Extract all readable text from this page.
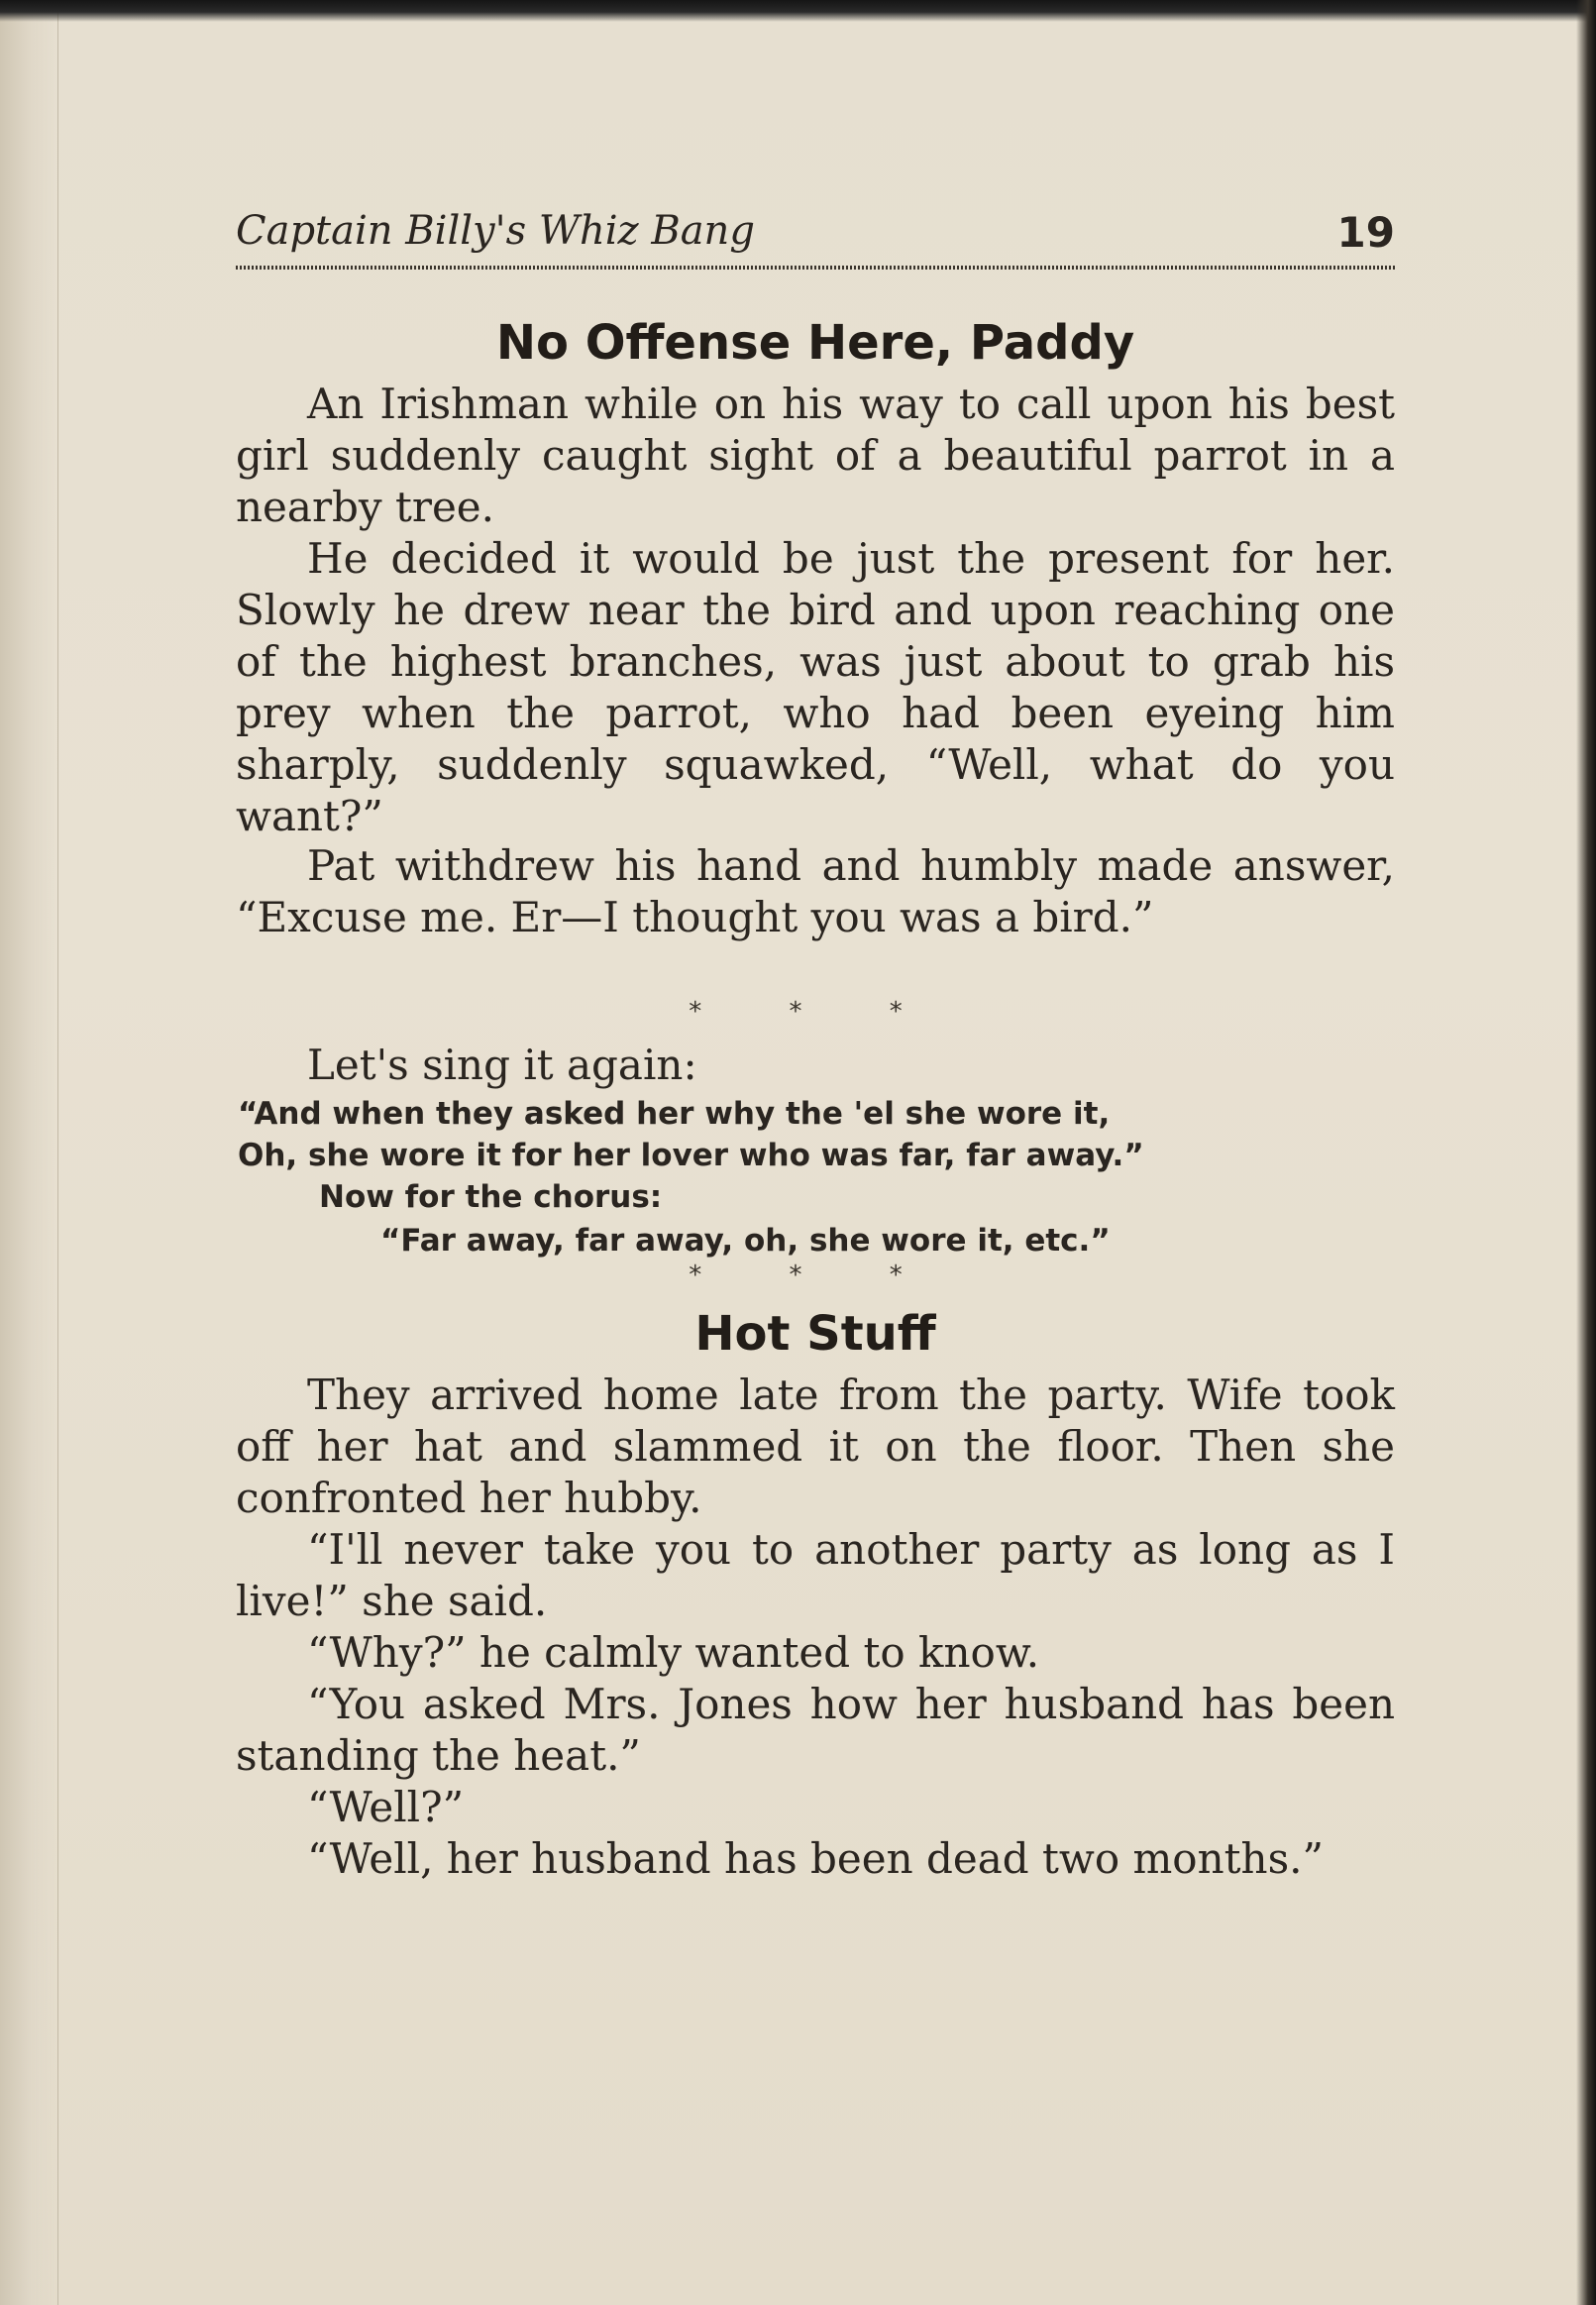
Captain Billy's Whiz Bang	19
No Offense Here, Paddy

An Irishman while on his way to call upon his best girl suddenly caught sight of a beautiful parrot in a nearby tree.

He decided it would be just the present for her. Slowly he drew near the bird and upon reaching one of the highest branches, was just about to grab his prey when the parrot, who had been eyeing him sharply, suddenly squawked, “Well, what do you want?”

Pat withdrew his hand and humbly made answer, “Excuse me. Er—I thought you was a bird.”

* * *

Let's sing it again:

“And when they asked her why the 'el she wore it,

Oh, she wore it for her lover who was far, far away.”

Now for the chorus:

“Far away, far away, oh, she wore it, etc.”

* * *
Hot Stuff

They arrived home late from the party. Wife took off her hat and slammed it on the floor. Then she confronted her hubby.

“I'll never take you to another party as long as I live!” she said.

“Why?” he calmly wanted to know.

“You asked Mrs. Jones how her husband has been standing the heat.”

“Well?”

“Well, her husband has been dead two months.”
